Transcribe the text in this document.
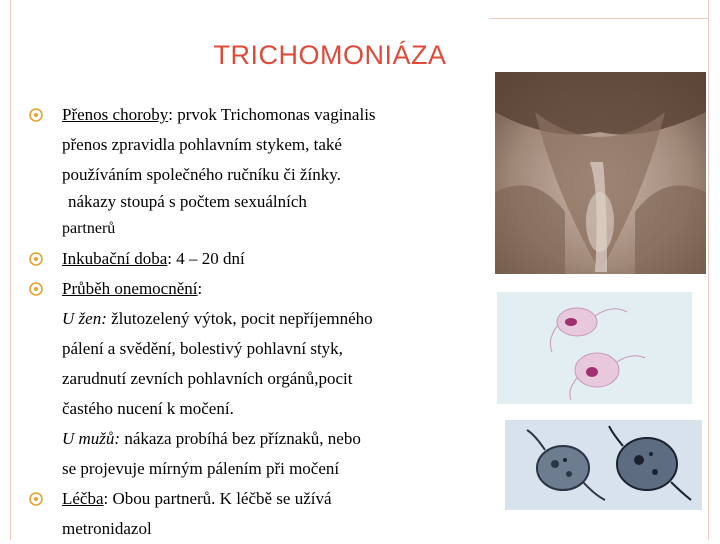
TRICHOMONIÁZA
Přenos choroby: prvok Trichomonas vaginalis
přenos zpravidla pohlavním stykem, také
používáním společného ručníku či žínky.
nákazy stoupá s počtem sexuálních
partnerů
Inkubační doba: 4 – 20 dní
Průběh onemocnění:
U žen: žlutozelený výtok, pocit nepříjemného
pálení a svědění, bolestivý pohlavní styk,
zarudnutí zevních pohlavních orgánů,pocit
častého nucení k močení.
U mužů: nákaza probíhá bez příznaků, nebo
se projevuje mírným pálením při močení
Léčba: Obou partnerů. K léčbě se užívá
metronidazol
